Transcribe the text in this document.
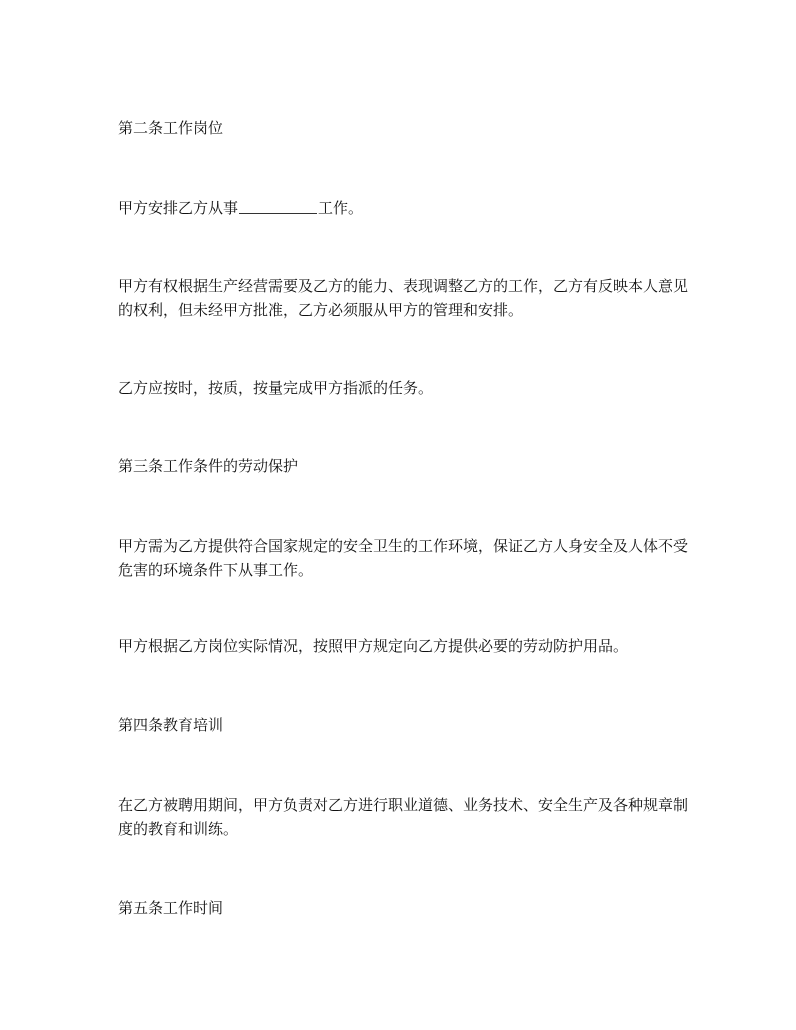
第二条工作岗位

甲方安排乙方从事	工作。

甲方有权根据生产经营需要及乙方的能力、表现调整乙方的工作，乙方有反映本人意见的权利，但未经甲方批准，乙方必须服从甲方的管理和安排。

乙方应按时，按质，按量完成甲方指派的任务。

第三条工作条件的劳动保护

甲方需为乙方提供符合国家规定的安全卫生的工作环境，保证乙方人身安全及人体不受危害的环境条件下从事工作。

甲方根据乙方岗位实际情况，按照甲方规定向乙方提供必要的劳动防护用品。

第四条教育培训

在乙方被聘用期间，甲方负责对乙方进行职业道德、业务技术、安全生产及各种规章制度的教育和训练。

第五条工作时间
